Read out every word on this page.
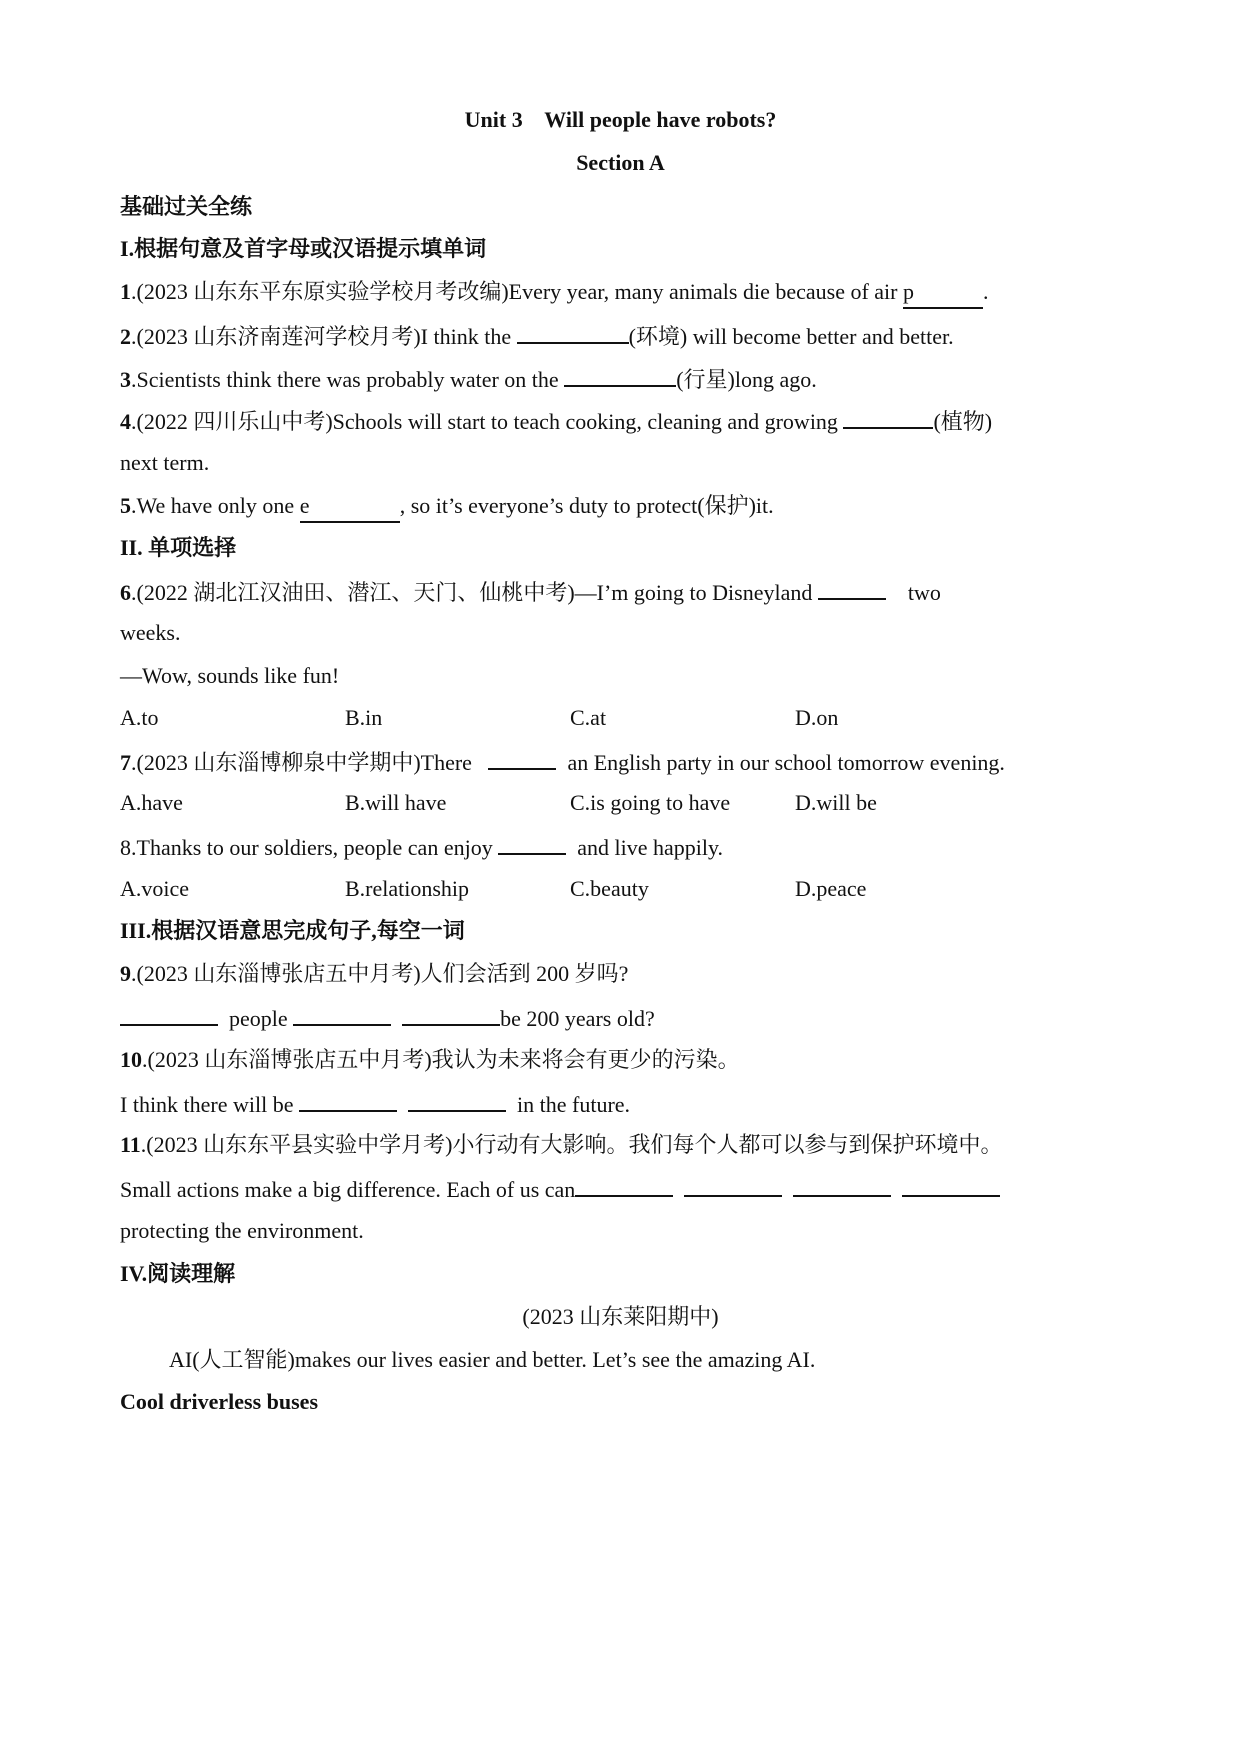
Unit 3    Will people have robots?
Section A
基础过关全练
I.根据句意及首字母或汉语提示填单词
1.(2023 山东东平东原实验学校月考改编)Every year, many animals die because of air p	.
2.(2023 山东济南莲河学校月考)I think the	(环境) will become better and better.
3.Scientists think there was probably water on the	(行星)long ago.
4.(2022 四川乐山中考)Schools will start to teach cooking, cleaning and growing	(植物)
next term.
5.We have only one e	, so it’s everyone’s duty to protect(保护)it.
II. 单项选择
6.(2022 湖北江汉油田、潜江、天门、仙桃中考)—I’m going to Disneyland	two
weeks.
—Wow, sounds like fun!
A.to	B.in	C.at	D.on
7.(2023 山东淄博柳泉中学期中)There	an English party in our school tomorrow evening.
A.have	B.will have	C.is going to have	D.will be
8.Thanks to our soldiers, people can enjoy	and live happily.
A.voice	B.relationship	C.beauty	D.peace
III.根据汉语意思完成句子,每空一词
9.(2023 山东淄博张店五中月考)人们会活到 200 岁吗?
people	be 200 years old?
10.(2023 山东淄博张店五中月考)我认为未来将会有更少的污染。
I think there will be	in the future.
11.(2023 山东东平县实验中学月考)小行动有大影响。我们每个人都可以参与到保护环境中。
Small actions make a big difference. Each of us can
protecting the environment.
IV.阅读理解
(2023 山东莱阳期中)
AI(人工智能)makes our lives easier and better. Let’s see the amazing AI.
Cool driverless buses
